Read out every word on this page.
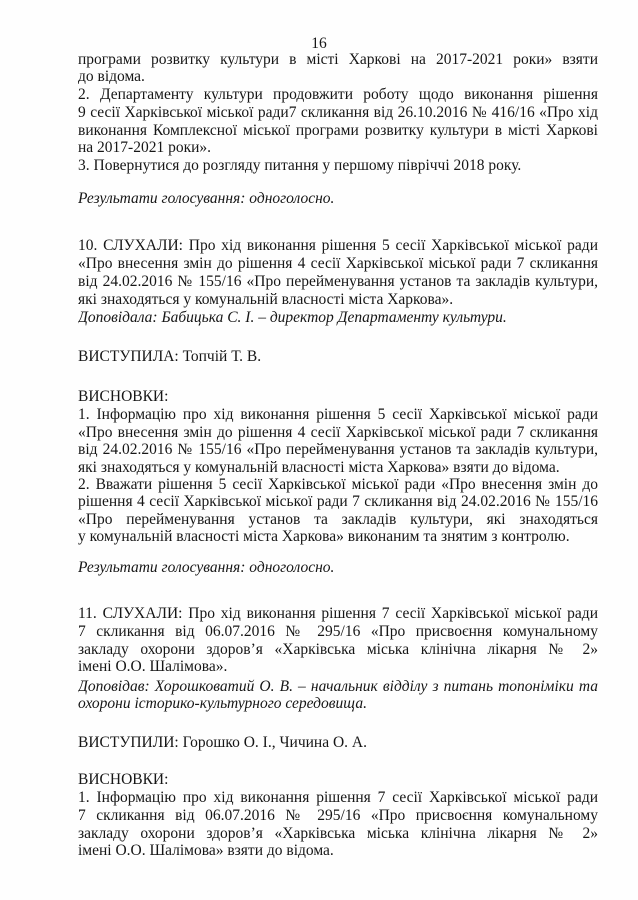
16
програми розвитку культури в місті Харкові на 2017-2021 роки» взяти
до відома.
2. Департаменту культури продовжити роботу щодо виконання рішення
9 сесії Харківської міської ради7 скликання від 26.10.2016 № 416/16 «Про хід
виконання Комплексної міської програми розвитку культури в місті Харкові
на 2017-2021 роки».
3. Повернутися до розгляду питання у першому півріччі 2018 року.
Результати голосування: одноголосно.
10. СЛУХАЛИ: Про хід виконання рішення 5 сесії Харківської міської ради
«Про внесення змін до рішення 4 сесії Харківської міської ради 7 скликання
від 24.02.2016 № 155/16 «Про перейменування установ та закладів культури,
які знаходяться у комунальній власності міста Харкова».
Доповідала: Бабицька С. І. – директор Департаменту культури.
ВИСТУПИЛА: Топчій Т. В.
ВИСНОВКИ:
1. Інформацію про хід виконання рішення 5 сесії Харківської міської ради
«Про внесення змін до рішення 4 сесії Харківської міської ради 7 скликання
від 24.02.2016 № 155/16 «Про перейменування установ та закладів культури,
які знаходяться у комунальній власності міста Харкова» взяти до відома.
2. Вважати рішення 5 сесії Харківської міської ради «Про внесення змін до
рішення 4 сесії Харківської міської ради 7 скликання від 24.02.2016 № 155/16
«Про перейменування установ та закладів культури, які знаходяться
у комунальній власності міста Харкова» виконаним та знятим з контролю.
Результати голосування: одноголосно.
11. СЛУХАЛИ: Про хід виконання рішення 7 сесії Харківської міської ради
7 скликання від 06.07.2016 № 295/16 «Про присвоєння комунальному
закладу охорони здоров’я «Харківська міська клінічна лікарня № 2»
імені О.О. Шалімова».
Доповідав: Хорошковатий О. В. – начальник відділу з питань топоніміки та
охорони історико-культурного середовища.
ВИСТУПИЛИ: Горошко О. І., Чичина О. А.
ВИСНОВКИ:
1. Інформацію про хід виконання рішення 7 сесії Харківської міської ради
7 скликання від 06.07.2016 № 295/16 «Про присвоєння комунальному
закладу охорони здоров’я «Харківська міська клінічна лікарня № 2»
імені О.О. Шалімова» взяти до відома.
